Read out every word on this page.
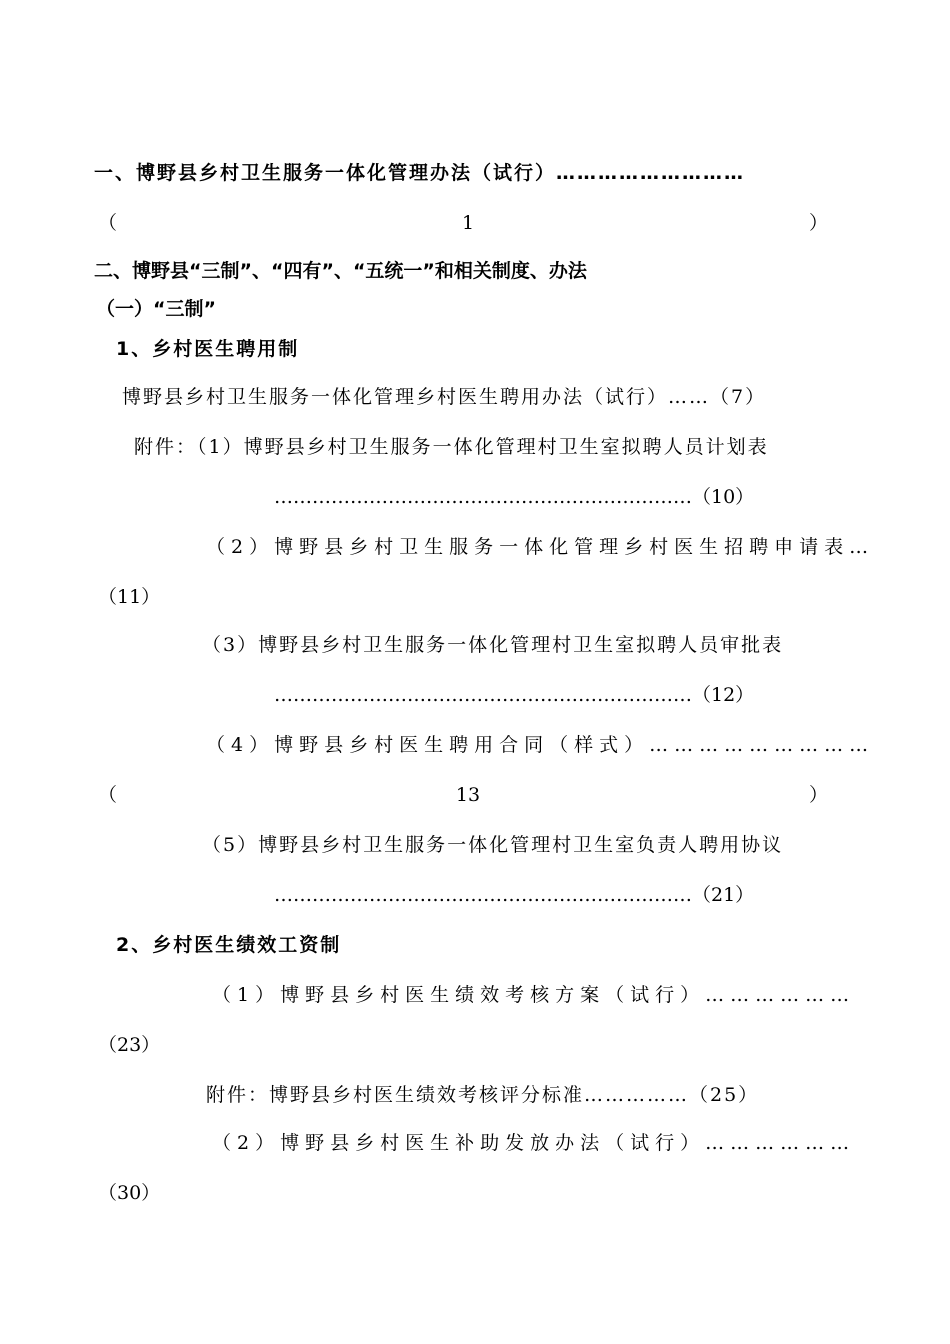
一、博野县乡村卫生服务一体化管理办法（试行）………………………
（	1	）
二、博野县“三制”、“四有”、“五统一”和相关制度、办法
（一）“三制”
1、乡村医生聘用制
博野县乡村卫生服务一体化管理乡村医生聘用办法（试行）……（7）
附件：（1）博野县乡村卫生服务一体化管理村卫生室拟聘人员计划表
…………………………………………………………（10）
（2）博野县乡村卫生服务一体化管理乡村医生招聘申请表…
（11）
（3）博野县乡村卫生服务一体化管理村卫生室拟聘人员审批表
…………………………………………………………（12）
（4）博野县乡村医生聘用合同（样式）………………………
（	13	）
（5）博野县乡村卫生服务一体化管理村卫生室负责人聘用协议
…………………………………………………………（21）
2、乡村医生绩效工资制
（1）博野县乡村医生绩效考核方案（试行）………………
（23）
附件：博野县乡村医生绩效考核评分标准……………（25）
（2）博野县乡村医生补助发放办法（试行）………………
（30）
